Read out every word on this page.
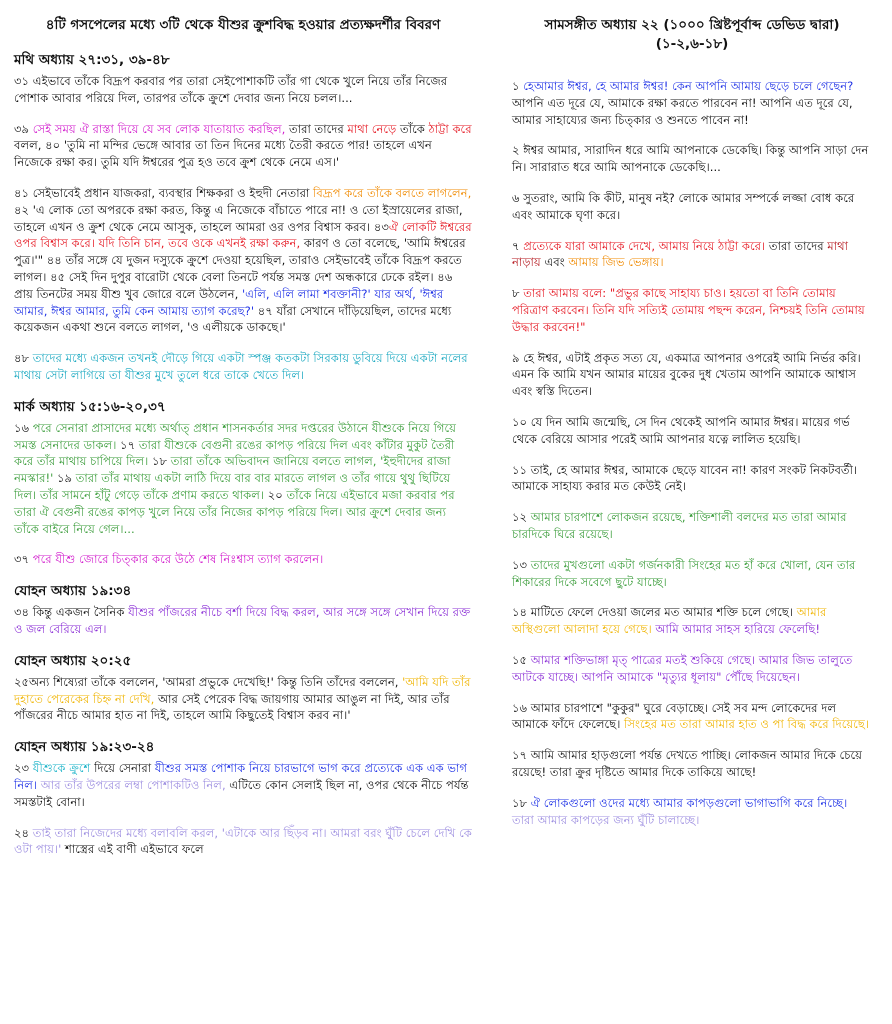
৪টি গসপেলের মধ্যে ৩টি থেকে যীশুর ক্রুশবিদ্ধ হওয়ার প্রত্যক্ষদর্শীর বিবরণ
মথি অধ্যায় ২৭:৩১, ৩৯-৪৮

৩১ এইভাবে তাঁকে বিদ্রূপ করবার পর তারা সেইপোশাকটি তাঁর গা থেকে খুলে নিয়ে তাঁর নিজের পোশাক আবার পরিয়ে দিল, তারপর তাঁকে ক্রুশে দেবার জন্য নিয়ে চলল।...

৩৯ সেই সময় ঐ রাস্তা দিয়ে যে সব লোক যাতায়াত করছিল, তারা তাদের মাথা নেড়ে তাঁকে ঠাট্টা করে বলল, ৪০ 'তুমি না মন্দির ভেঙ্গে আবার তা তিন দিনের মধ্যে তৈরী করতে পার! তাহলে এখন নিজেকে রক্ষা কর। তুমি যদি ঈশ্বরের পুত্র হও তবে ক্রুশ থেকে নেমে এস।'

৪১ সেইভাবেই প্রধান যাজকরা, ব্যবস্থার শিক্ষকরা ও ইহুদী নেতারা বিদ্রূপ করে তাঁকে বলতে লাগলেন, ৪২ 'এ লোক তো অপরকে রক্ষা করত, কিন্তু এ নিজেকে বাঁচাতে পারে না! ও তো ইস্রায়েলের রাজা, তাহলে এখন ও ক্রুশ থেকে নেমে আসুক, তাহলে আমরা ওর ওপর বিশ্বাস করব। ৪৩ঐ লোকটি ঈশ্বরের ওপর বিশ্বাস করে। যদি তিনি চান, তবে ওকে এখনই রক্ষা করুন, কারণ ও তো বলেছে, 'আমি ঈশ্বরের পুত্র।'" ৪৪ তাঁর সঙ্গে যে দুজন দস্যুকে ক্রুশে দেওয়া হয়েছিল, তারাও সেইভাবেই তাঁকে বিদ্রূপ করতে লাগল। ৪৫ সেই দিন দুপুর বারোটা থেকে বেলা তিনটে পর্যন্ত সমস্ত দেশ অন্ধকারে ঢেকে রইল। ৪৬ প্রায় তিনটের সময় যীশু খুব জোরে বলে উঠলেন, 'এলি, এলি লামা শবক্তানী?' যার অর্থ, 'ঈশ্বর আমার, ঈশ্বর আমার, তুমি কেন আমায় ত্যাগ করেছ?' ৪৭ যাঁরা সেখানে দাঁড়িয়েছিল, তাদের মধ্যে কয়েকজন একথা শুনে বলতে লাগল, 'ও এলীয়কে ডাকছে।'

৪৮ তাদের মধ্যে একজন তখনই দৌড়ে গিয়ে একটা স্পঞ্জ কতকটা সিরকায় ডুবিয়ে দিয়ে একটা নলের মাথায় সেটা লাগিয়ে তা যীশুর মুখে তুলে ধরে তাকে খেতে দিল।

মার্ক অধ্যায় ১৫:১৬-২০,৩৭

১৬ পরে সেনারা প্রাসাদের মধ্যে অর্থাত্ প্রধান শাসনকর্তার সদর দপ্তরের উঠানে যীশুকে নিয়ে গিয়ে সমস্ত সেনাদের ডাকল। ১৭ তারা যীশুকে বেগুনী রঙের কাপড় পরিয়ে দিল এবং কাঁটার মুকুট তৈরী করে তাঁর মাথায় চাপিয়ে দিল। ১৮ তারা তাঁকে অভিবাদন জানিয়ে বলতে লাগল, 'ইহুদীদের রাজা নমস্কার!' ১৯ তারা তাঁর মাথায় একটা লাঠি দিয়ে বার বার মারতে লাগল ও তাঁর গায়ে থুথু ছিটিয়ে দিল। তাঁর সামনে হাঁটু গেড়ে তাঁকে প্রণাম করতে থাকল। ২০ তাঁকে নিয়ে এইভাবে মজা করবার পর তারা ঐ বেগুনী রঙের কাপড় খুলে নিয়ে তাঁর নিজের কাপড় পরিয়ে দিল। আর ক্রুশে দেবার জন্য তাঁকে বাইরে নিয়ে গেল।...

৩৭ পরে যীশু জোরে চিত্কার করে উঠে শেষ নিঃশ্বাস ত্যাগ করলেন।

যোহন অধ্যায় ১৯:৩৪

৩৪ কিন্তু একজন সৈনিক যীশুর পাঁজরের নীচে বর্শা দিয়ে বিদ্ধ করল, আর সঙ্গে সঙ্গে সেখান দিয়ে রক্ত ও জল বেরিয়ে এল।

যোহন অধ্যায় ২০:২৫

২৫অন্য শিষ্যেরা তাঁকে বললেন, 'আমরা প্রভুকে দেখেছি!' কিন্তু তিনি তাঁদের বললেন, 'আমি যদি তাঁর দুহাতে পেরেকের চিহ্ন না দেখি, আর সেই পেরেক বিদ্ধ জায়গায় আমার আঙুল না দিই, আর তাঁর পাঁজরের নীচে আমার হাত না দিই, তাহলে আমি কিছুতেই বিশ্বাস করব না।'

যোহন অধ্যায় ১৯:২৩-২৪

২৩ যীশুকে ক্রুশে দিয়ে সেনারা যীশুর সমস্ত পোশাক নিয়ে চারভাগে ভাগ করে প্রত্যেকে এক এক ভাগ নিল। আর তাঁর উপরের লম্বা পোশাকটিও নিল, এটিতে কোন সেলাই ছিল না, ওপর থেকে নীচে পর্যন্ত সমস্তটাই বোনা।

২৪ তাই তারা নিজেদের মধ্যে বলাবলি করল, 'এটাকে আর ছিঁড়ব না। আমরা বরং ঘুঁটি চেলে দেখি কে ওটা পায়।' শাস্ত্রের এই বাণী এইভাবে ফলে

সামসঙ্গীত অধ্যায় ২২ (১০০০ খ্রিষ্টপূর্বাব্দ ডেভিড দ্বারা) (১-২,৬-১৮)

১ হেআমার ঈশ্বর, হে আমার ঈশ্বর! কেন আপনি আমায় ছেড়ে চলে গেছেন? আপনি এত দূরে যে, আমাকে রক্ষা করতে পারবেন না! আপনি এত দূরে যে, আমার সাহায্যের জন্য চিত্কার ও শুনতে পাবেন না!

২ ঈশ্বর আমার, সারাদিন ধরে আমি আপনাকে ডেকেছি। কিন্তু আপনি সাড়া দেন নি। সারারাত ধরে আমি আপনাকে ডেকেছি।...

৬ সুতরাং, আমি কি কীট, মানুষ নই? লোকে আমার সম্পর্কে লজ্জা বোধ করে এবং আমাকে ঘৃণা করে।

৭ প্রত্যেকে যারা আমাকে দেখে, আমায় নিয়ে ঠাট্টা করে। তারা তাদের মাথা নাড়ায় এবং আমায় জিভ ভেঙ্গায়।

৮ তারা আমায় বলে: "প্রভুর কাছে সাহায্য চাও। হয়তো বা তিনি তোমায় পরিত্রাণ করবেন। তিনি যদি সত্যিই তোমায় পছন্দ করেন, নিশ্চয়ই তিনি তোমায় উদ্ধার করবেন!"

৯ হে ঈশ্বর, এটাই প্রকৃত সত্য যে, একমাত্র আপনার ওপরেই আমি নির্ভর করি। এমন কি আমি যখন আমার মায়ের বুকের দুধ খেতাম আপনি আমাকে আশ্বাস এবং স্বস্তি দিতেন।

১০ যে দিন আমি জন্মেছি, সে দিন থেকেই আপনি আমার ঈশ্বর। মায়ের গর্ভ থেকে বেরিয়ে আসার পরেই আমি আপনার যত্নে লালিত হয়েছি।

১১ তাই, হে আমার ঈশ্বর, আমাকে ছেড়ে যাবেন না! কারণ সংকট নিকটবর্তী। আমাকে সাহায্য করার মত কেউই নেই।

১২ আমার চারপাশে লোকজন রয়েছে, শক্তিশালী বলদের মত তারা আমার চারদিকে ঘিরে রয়েছে।

১৩ তাদের মুখগুলো একটা গর্জনকারী সিংহের মত হাঁ করে খোলা, যেন তার শিকারের দিকে সবেগে ছুটে যাচ্ছে।

১৪ মাটিতে ফেলে দেওয়া জলের মত আমার শক্তি চলে গেছে। আমার অস্থিগুলো আলাদা হয়ে গেছে। আমি আমার সাহস হারিয়ে ফেলেছি!

১৫ আমার শক্তিভাঙ্গা মৃত্ পাত্রের মতই শুকিয়ে গেছে। আমার জিভ তালুতে আটকে যাচ্ছে। আপনি আমাকে "মৃত্যুর ধূলায়" পৌঁছে দিয়েছেন।

১৬ আমার চারপাশে "কুকুর" ঘুরে বেড়াচ্ছে। সেই সব মন্দ লোকেদের দল আমাকে ফাঁদে ফেলেছে। সিংহের মত তারা আমার হাত ও পা বিদ্ধ করে দিয়েছে।

১৭ আমি আমার হাড়গুলো পর্যন্ত দেখতে পাচ্ছি। লোকজন আমার দিকে চেয়ে রয়েছে! তারা ক্রুর দৃষ্টিতে আমার দিকে তাকিয়ে আছে!

১৮ ঐ লোকগুলো ওদের মধ্যে আমার কাপড়গুলো ভাগাভাগি করে নিচ্ছে। তারা আমার কাপড়ের জন্য ঘুঁটি চালাচ্ছে।
